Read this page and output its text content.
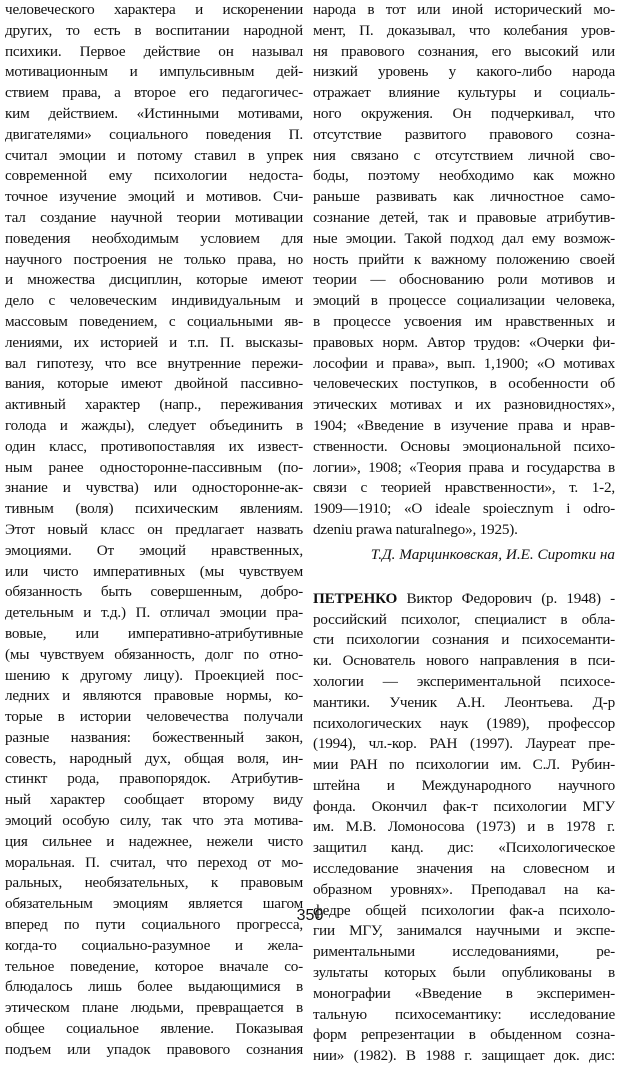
человеческого характера и искоренении
других, то есть в воспитании народной
психики. Первое действие он называл
мотивационным и импульсивным дей-
ствием права, а второе его педагогичес-
ким действием. «Истинными мотивами,
двигателями» социального поведения П.
считал эмоции и потому ставил в упрек
современной ему психологии недоста-
точное изучение эмоций и мотивов. Счи-
тал создание научной теории мотивации
поведения необходимым условием для
научного построения не только права, но
и множества дисциплин, которые имеют
дело с человеческим индивидуальным и
массовым поведением, с социальными яв-
лениями, их историей и т.п. П. высказы-
вал гипотезу, что все внутренние пережи-
вания, которые имеют двойной пассивно-
активный характер (напр., переживания
голода и жажды), следует объединить в
один класс, противопоставляя их извест-
ным ранее односторонне-пассивным (по-
знание и чувства) или односторонне-ак-
тивным (воля) психическим явлениям.
Этот новый класс он предлагает назвать
эмоциями. От эмоций нравственных,
или чисто императивных (мы чувствуем
обязанность быть совершенным, добро-
детельным и т.д.) П. отличал эмоции пра-
вовые, или императивно-атрибутивные
(мы чувствуем обязанность, долг по отно-
шению к другому лицу). Проекцией пос-
ледних и являются правовые нормы, ко-
торые в истории человечества получали
разные названия: божественный закон,
совесть, народный дух, общая воля, ин-
стинкт рода, правопорядок. Атрибутив-
ный характер сообщает второму виду
эмоций особую силу, так что эта мотива-
ция сильнее и надежнее, нежели чисто
моральная. П. считал, что переход от мо-
ральных, необязательных, к правовым
обязательным эмоциям является шагом
вперед по пути социального прогресса,
когда-то социально-разумное и желa-
тельное поведение, которое вначале со-
блюдалось лишь более выдающимися в
этическом плане людьми, превращается в
общее социальное явление. Показывая
подъем или упадок правового сознания
народа в тот или иной исторический мо-
мент, П. доказывал, что колебания уров-
ня правового сознания, его высокий или
низкий уровень у какого-либо народа
отражает влияние культуры и социаль-
ного окружения. Он подчеркивал, что
отсутствие развитого правового созна-
ния связано с отсутствием личной сво-
боды, поэтому необходимо как можно
раньше развивать как личностное само-
сознание детей, так и правовые атрибутив-
ные эмоции. Такой подход дал ему возмож-
ность прийти к важному положению своей
теории — обоснованию роли мотивов и
эмоций в процессе социализации человека,
в процессе усвоения им нравственных и
правовых норм. Автор трудов: «Очерки фи-
лософии и права», вып. 1,1900; «О мотивах
человеческих поступков, в особенности об
этических мотивах и их разновидностях»,
1904; «Введение в изучение права и нрав-
ственности. Основы эмоциональной психо-
логии», 1908; «Теория права и государства в
связи с теорией нравственности», т. 1-2,
1909—1910; «O ideale spoiecznym i odro-
dzeniu prawa naturalnego», 1925).
Т.Д. Марцинковская, И.Е. Сиротки на
ПЕТРЕНКО Виктор Федорович (р. 1948) -
российский психолог, специалист в обла-
сти психологии сознания и психосеманти-
ки. Основатель нового направления в пси-
хологии — экспериментальной психосе-
мантики. Ученик А.Н. Леонтьева. Д-р
психологических наук (1989), профессор
(1994), чл.-кор. РАН (1997). Лауреат пре-
мии РАН по психологии им. С.Л. Рубин-
штейна и Международного научного
фонда. Окончил фак-т психологии МГУ
им. М.В. Ломоносова (1973) и в 1978 г.
защитил канд. дис: «Психологическое
исследование значения на словесном и
образном уровнях». Преподавал на ка-
федре общей психологии фак-а психоло-
гии МГУ, занимался научными и экспе-
риментальными исследованиями, ре-
зультаты которых были опубликованы в
монографии «Введение в эксперимен-
тальную психосемантику: исследование
форм репрезентации в обыденном созна-
нии» (1982). В 1988 г. защищает док. дис:
350
